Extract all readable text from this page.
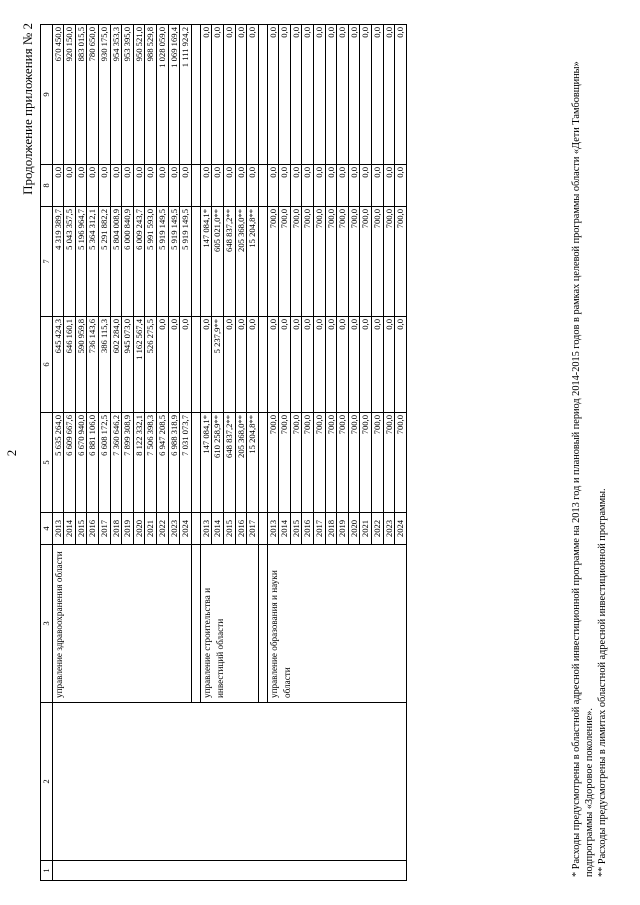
2
Продолжение приложения № 2
1	2	3	4	5	6	7	8	9
		управление здравоохранения области	2013	5 635 264,0	645 424,3	4 319 389,7	0,0	670 450,0
			2014	6 609 667,6	646 160,1	5 043 357,5	0,0	920 150,0
			2015	6 670 940,0	590 959,8	5 196 964,7	0,0	883 015,5
			2016	6 881 106,0	736 143,6	5 364 312,1	0,0	780 650,0
			2017	6 608 172,5	386 115,3	5 291 882,2	0,0	930 175,0
			2018	7 360 646,2	602 284,0	5 804 008,9	0,0	954 353,3
			2019	7 899 308,9	945 073,0	6 000 840,9	0,0	953 395,0
			2020	8 122 332,1	1 162 567,4	6 009 243,7	0,0	950 521,0
			2021	7 506 398,3	526 275,5	5 991 593,0	0,0	988 529,8
			2022	6 947 208,5	0,0	5 919 149,5	0,0	1 028 059,0
			2023	6 988 318,9	0,0	5 919 149,5	0,0	1 069 169,4
			2024	7 031 073,7	0,0	5 919 149,5	0,0	1 111 924,2

		управление строительства и инвестиций области	2013	147 084,1*	0,0	147 084,1*	0,0	0,0
			2014	610 258,9**	5 237,9**	605 021,0**	0,0	0,0
			2015	648 837,2**	0,0	648 837,2**	0,0	0,0
			2016	205 368,0**	0,0	205 368,0**	0,0	0,0
			2017	15 204,8**	0,0	15 204,8**	0,0	0,0

		управление образования и науки области	2013	700,0	0,0	700,0	0,0	0,0
			2014	700,0	0,0	700,0	0,0	0,0
			2015	700,0	0,0	700,0	0,0	0,0
			2016	700,0	0,0	700,0	0,0	0,0
			2017	700,0	0,0	700,0	0,0	0,0
			2018	700,0	0,0	700,0	0,0	0,0
			2019	700,0	0,0	700,0	0,0	0,0
			2020	700,0	0,0	700,0	0,0	0,0
			2021	700,0	0,0	700,0	0,0	0,0
			2022	700,0	0,0	700,0	0,0	0,0
			2023	700,0	0,0	700,0	0,0	0,0
			2024	700,0	0,0	700,0	0,0	0,0
* Расходы предусмотрены в областной адресной инвестиционной программе на 2013 год и плановый период 2014-2015 годов в рамках целевой программы области «Дети Тамбовщины» подпрограммы «Здоровое поколение». ** Расходы предусмотрены в лимитах областной адресной инвестиционной программы.
